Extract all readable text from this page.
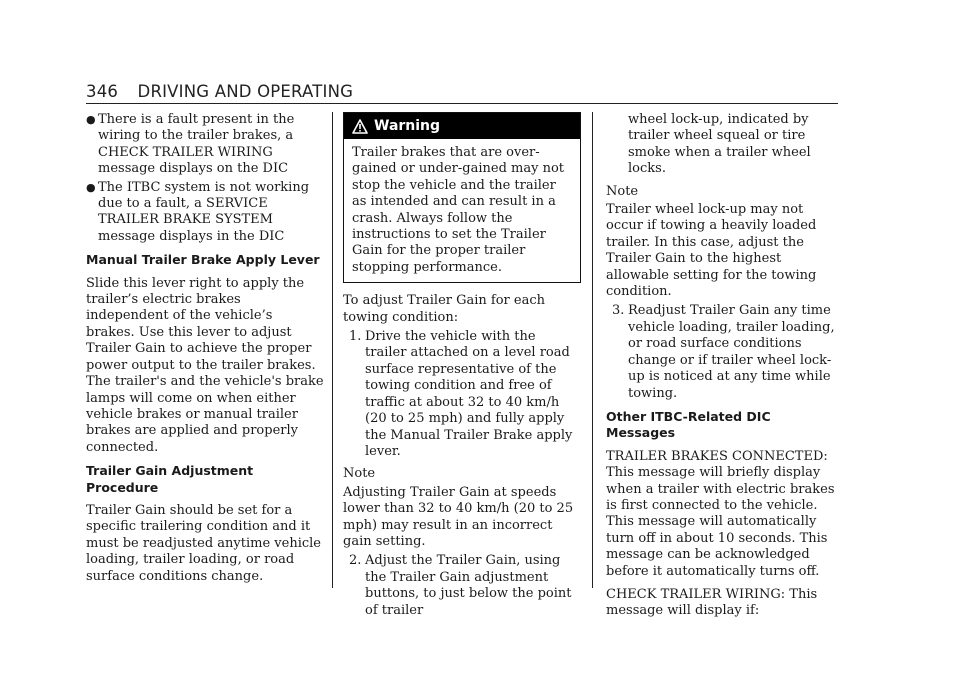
346 DRIVING AND OPERATING
● There is a fault present in the wiring to the trailer brakes, a CHECK TRAILER WIRING message displays on the DIC
● The ITBC system is not working due to a fault, a SERVICE TRAILER BRAKE SYSTEM message displays in the DIC
Manual Trailer Brake Apply Lever

Slide this lever right to apply the trailer’s electric brakes independent of the vehicle’s brakes. Use this lever to adjust Trailer Gain to achieve the proper power output to the trailer brakes. The trailer's and the vehicle's brake lamps will come on when either vehicle brakes or manual trailer brakes are applied and properly connected.

Trailer Gain Adjustment Procedure

Trailer Gain should be set for a specific trailering condition and it must be readjusted anytime vehicle loading, trailer loading, or road surface conditions change.

Warning
Trailer brakes that are over-gained or under-gained may not stop the vehicle and the trailer as intended and can result in a crash. Always follow the instructions to set the Trailer Gain for the proper trailer stopping performance.

To adjust Trailer Gain for each towing condition:

1. Drive the vehicle with the trailer attached on a level road surface representative of the towing condition and free of traffic at about 32 to 40 km/h (20 to 25 mph) and fully apply the Manual Trailer Brake apply lever.
Note

Adjusting Trailer Gain at speeds lower than 32 to 40 km/h (20 to 25 mph) may result in an incorrect gain setting.

2. Adjust the Trailer Gain, using the Trailer Gain adjustment buttons, to just below the point of trailer
wheel lock-up, indicated by trailer wheel squeal or tire smoke when a trailer wheel locks.
Note

Trailer wheel lock-up may not occur if towing a heavily loaded trailer. In this case, adjust the Trailer Gain to the highest allowable setting for the towing condition.

3. Readjust Trailer Gain any time vehicle loading, trailer loading, or road surface conditions change or if trailer wheel lock-up is noticed at any time while towing.
Other ITBC-Related DIC Messages

TRAILER BRAKES CONNECTED: This message will briefly display when a trailer with electric brakes is first connected to the vehicle. This message will automatically turn off in about 10 seconds. This message can be acknowledged before it automatically turns off.

CHECK TRAILER WIRING: This message will display if:
